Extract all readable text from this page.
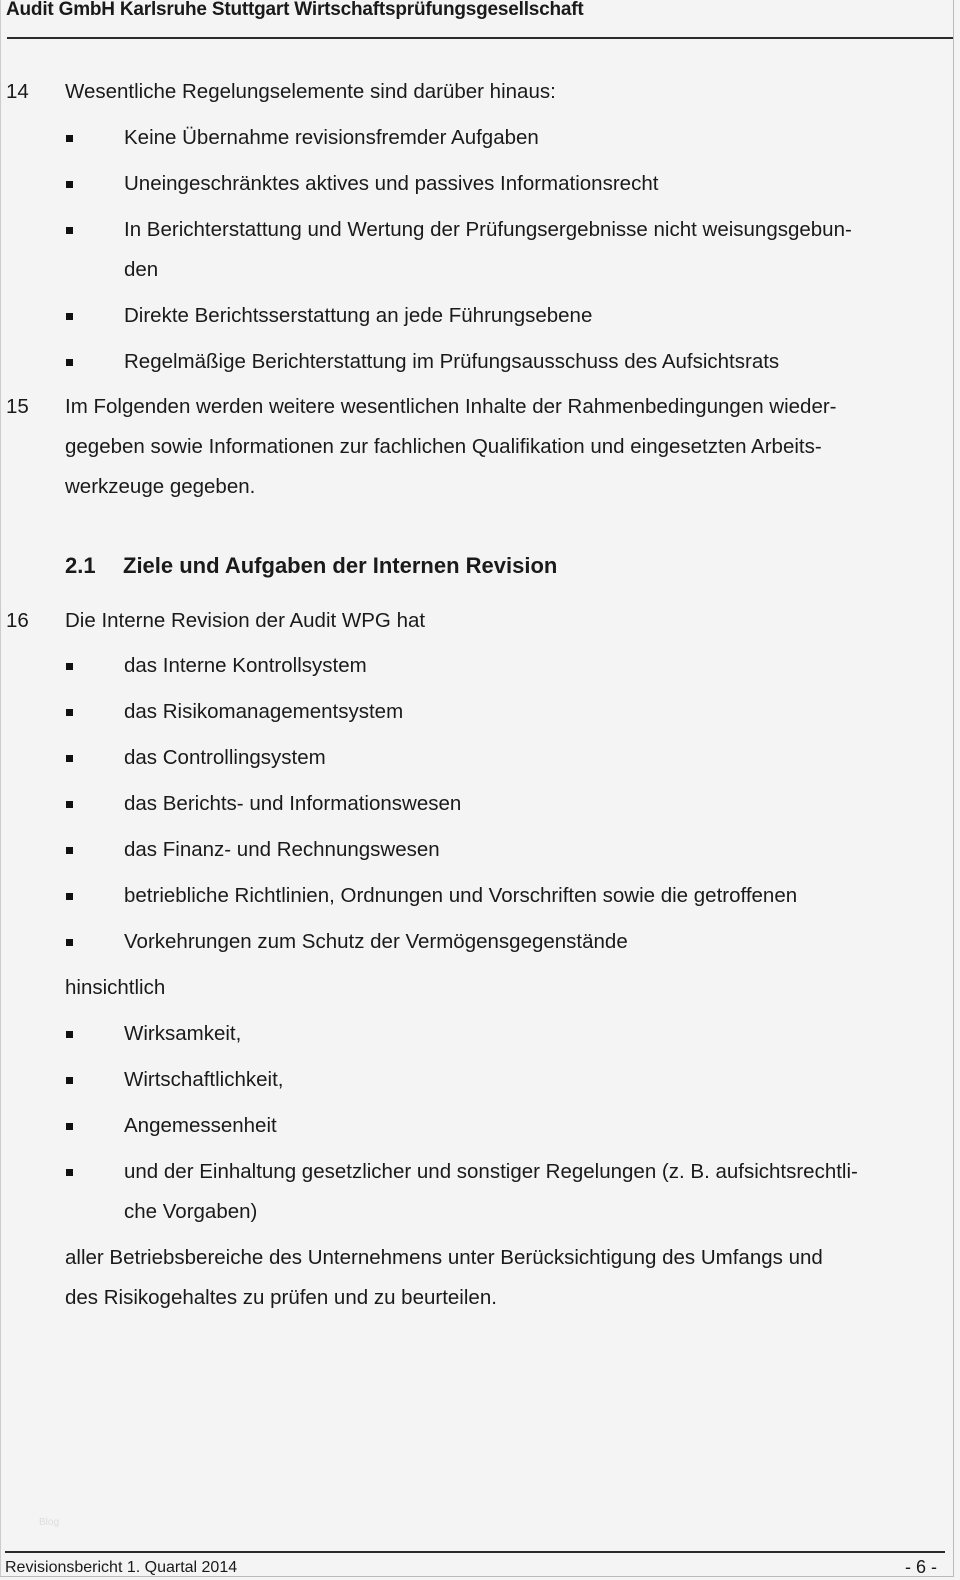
Audit GmbH Karlsruhe Stuttgart Wirtschaftsprüfungsgesellschaft
14 Wesentliche Regelungselemente sind darüber hinaus:
Keine Übernahme revisionsfremder Aufgaben
Uneingeschränktes aktives und passives Informationsrecht
In Berichterstattung und Wertung der Prüfungsergebnisse nicht weisungsgebun-
den
Direkte Berichtsserstattung an jede Führungsebene
Regelmäßige Berichterstattung im Prüfungsausschuss des Aufsichtsrats
15 Im Folgenden werden weitere wesentlichen Inhalte der Rahmenbedingungen wieder-
gegeben sowie Informationen zur fachlichen Qualifikation und eingesetzten Arbeits-
werkzeuge gegeben.
2.1 Ziele und Aufgaben der Internen Revision
16 Die Interne Revision der Audit WPG hat
das Interne Kontrollsystem
das Risikomanagementsystem
das Controllingsystem
das Berichts- und Informationswesen
das Finanz- und Rechnungswesen
betriebliche Richtlinien, Ordnungen und Vorschriften sowie die getroffenen
Vorkehrungen zum Schutz der Vermögensgegenstände
hinsichtlich
Wirksamkeit,
Wirtschaftlichkeit,
Angemessenheit
und der Einhaltung gesetzlicher und sonstiger Regelungen (z. B. aufsichtsrechtli-
che Vorgaben)
aller Betriebsbereiche des Unternehmens unter Berücksichtigung des Umfangs und
des Risikogehaltes zu prüfen und zu beurteilen.
Blog
Revisionsbericht 1. Quartal 2014	- 6 -
